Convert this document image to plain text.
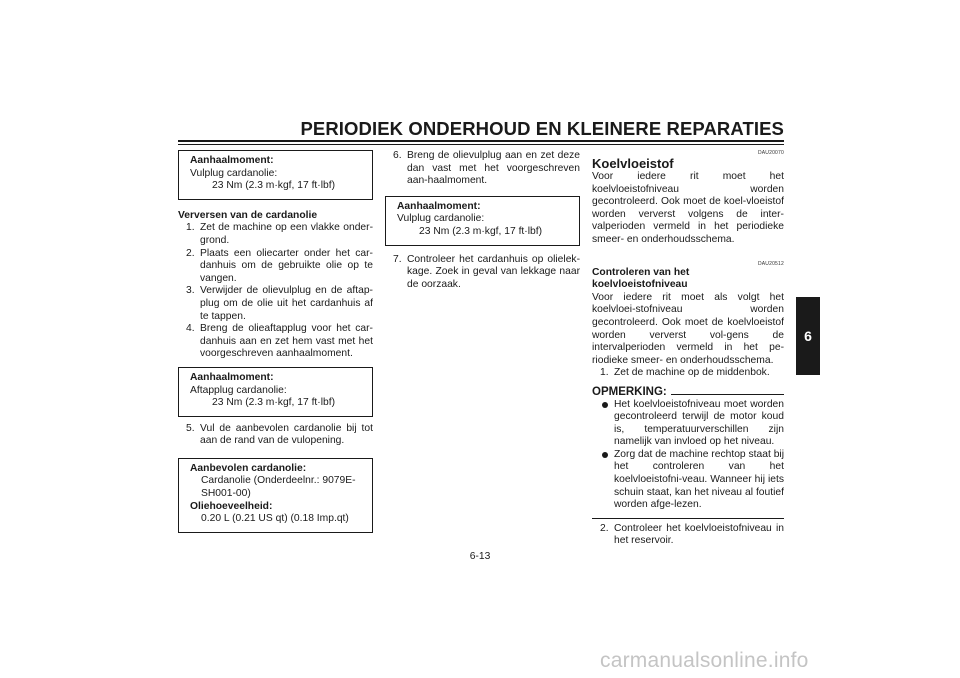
PERIODIEK ONDERHOUD EN KLEINERE REPARATIES
Aanhaalmoment:
Vulplug cardanolie:
23 Nm (2.3 m·kgf, 17 ft·lbf)
Verversen van de cardanolie
1. Zet de machine op een vlakke onder-grond.
2. Plaats een oliecarter onder het car-danhuis om de gebruikte olie op te vangen.
3. Verwijder de olievulplug en de aftap-plug om de olie uit het cardanhuis af te tappen.
4. Breng de olieaftapplug voor het car-danhuis aan en zet hem vast met het voorgeschreven aanhaalmoment.
Aanhaalmoment:
Aftapplug cardanolie:
23 Nm (2.3 m·kgf, 17 ft·lbf)
5. Vul de aanbevolen cardanolie bij tot aan de rand van de vulopening.
Aanbevolen cardanolie:
Cardanolie (Onderdeelnr.: 9079E-SH001-00)
Oliehoeveelheid:
0.20 L (0.21 US qt) (0.18 Imp.qt)
6. Breng de olievulplug aan en zet deze dan vast met het voorgeschreven aan-haalmoment.
Aanhaalmoment:
Vulplug cardanolie:
23 Nm (2.3 m·kgf, 17 ft·lbf)
7. Controleer het cardanhuis op olielek-kage. Zoek in geval van lekkage naar de oorzaak.
DAU20070
Koelvloeistof
Voor iedere rit moet het koelvloeistofniveau worden gecontroleerd. Ook moet de koel-vloeistof worden ververst volgens de inter-valperioden vermeld in het periodieke smeer- en onderhoudsschema.
DAU20512
Controleren van het koelvloeistofniveau
Voor iedere rit moet als volgt het koelvloei-stofniveau worden gecontroleerd. Ook moet de koelvloeistof worden ververst vol-gens de intervalperioden vermeld in het pe-riodieke smeer- en onderhoudsschema.
1. Zet de machine op de middenbok.
OPMERKING:
Het koelvloeistofniveau moet worden gecontroleerd terwijl de motor koud is, temperatuurverschillen zijn namelijk van invloed op het niveau.
Zorg dat de machine rechtop staat bij het controleren van het koelvloeistofni-veau. Wanneer hij iets schuin staat, kan het niveau al foutief worden afge-lezen.
2. Controleer het koelvloeistofniveau in het reservoir.
6
6-13
carmanualsonline.info
